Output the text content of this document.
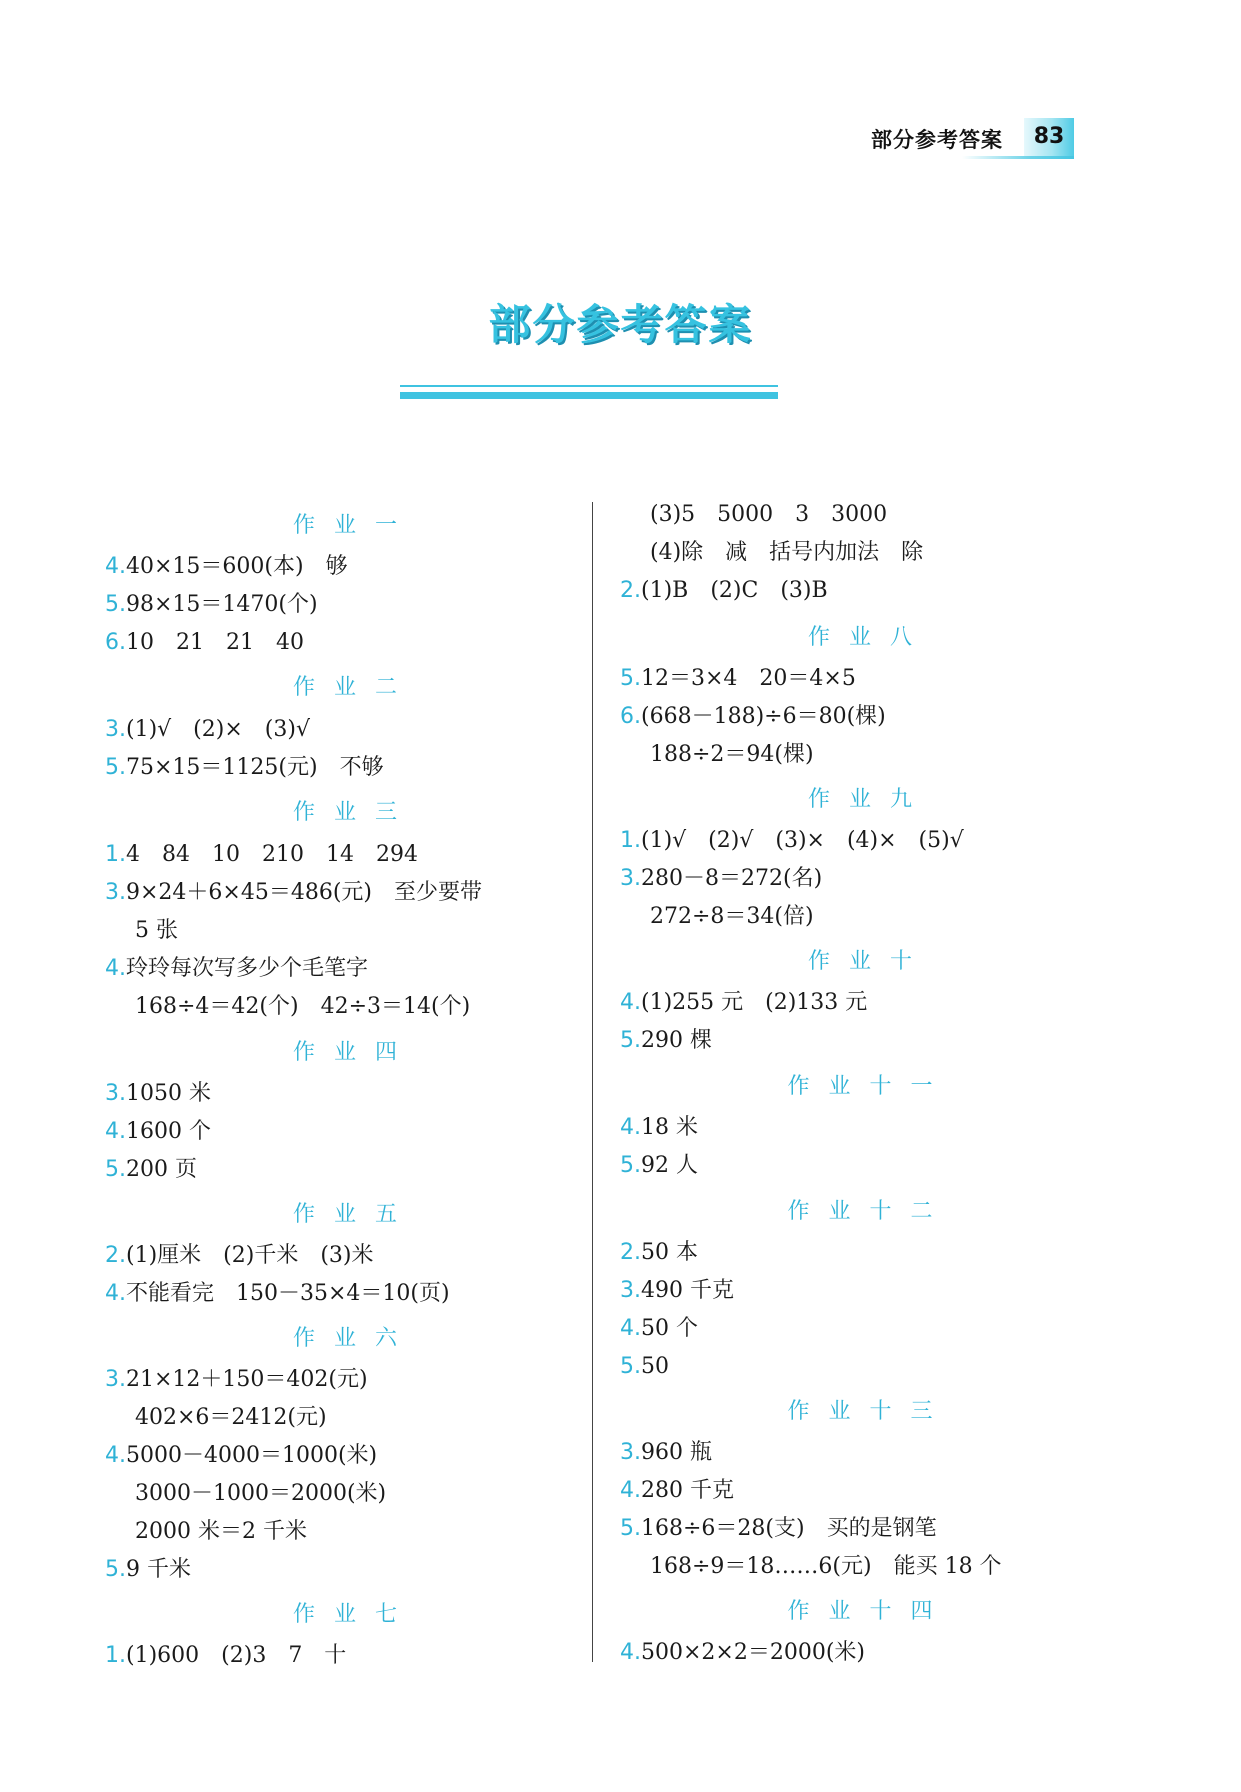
部分参考答案	83
部分参考答案
作业一
4.40×15＝600(本)　够
5.98×15＝1470(个)
6.10　21　21　40
作业二
3.(1)√　(2)×　(3)√
5.75×15＝1125(元)　不够
作业三
1.4　84　10　210　14　294
3.9×24＋6×45＝486(元)　至少要带
5 张
4.玲玲每次写多少个毛笔字
168÷4＝42(个)　42÷3＝14(个)
作业四
3.1050 米
4.1600 个
5.200 页
作业五
2.(1)厘米　(2)千米　(3)米
4.不能看完　150－35×4＝10(页)
作业六
3.21×12＋150＝402(元)
402×6＝2412(元)
4.5000－4000＝1000(米)
3000－1000＝2000(米)
2000 米＝2 千米
5.9 千米
作业七
1.(1)600　(2)3　7　十
(3)5　5000　3　3000
(4)除　减　括号内加法　除
2.(1)B　(2)C　(3)B
作业八
5.12＝3×4　20＝4×5
6.(668－188)÷6＝80(棵)
188÷2＝94(棵)
作业九
1.(1)√　(2)√　(3)×　(4)×　(5)√
3.280－8＝272(名)
272÷8＝34(倍)
作业十
4.(1)255 元　(2)133 元
5.290 棵
作业十一
4.18 米
5.92 人
作业十二
2.50 本
3.490 千克
4.50 个
5.50
作业十三
3.960 瓶
4.280 千克
5.168÷6＝28(支)　买的是钢笔
168÷9＝18……6(元)　能买 18 个
作业十四
4.500×2×2＝2000(米)
